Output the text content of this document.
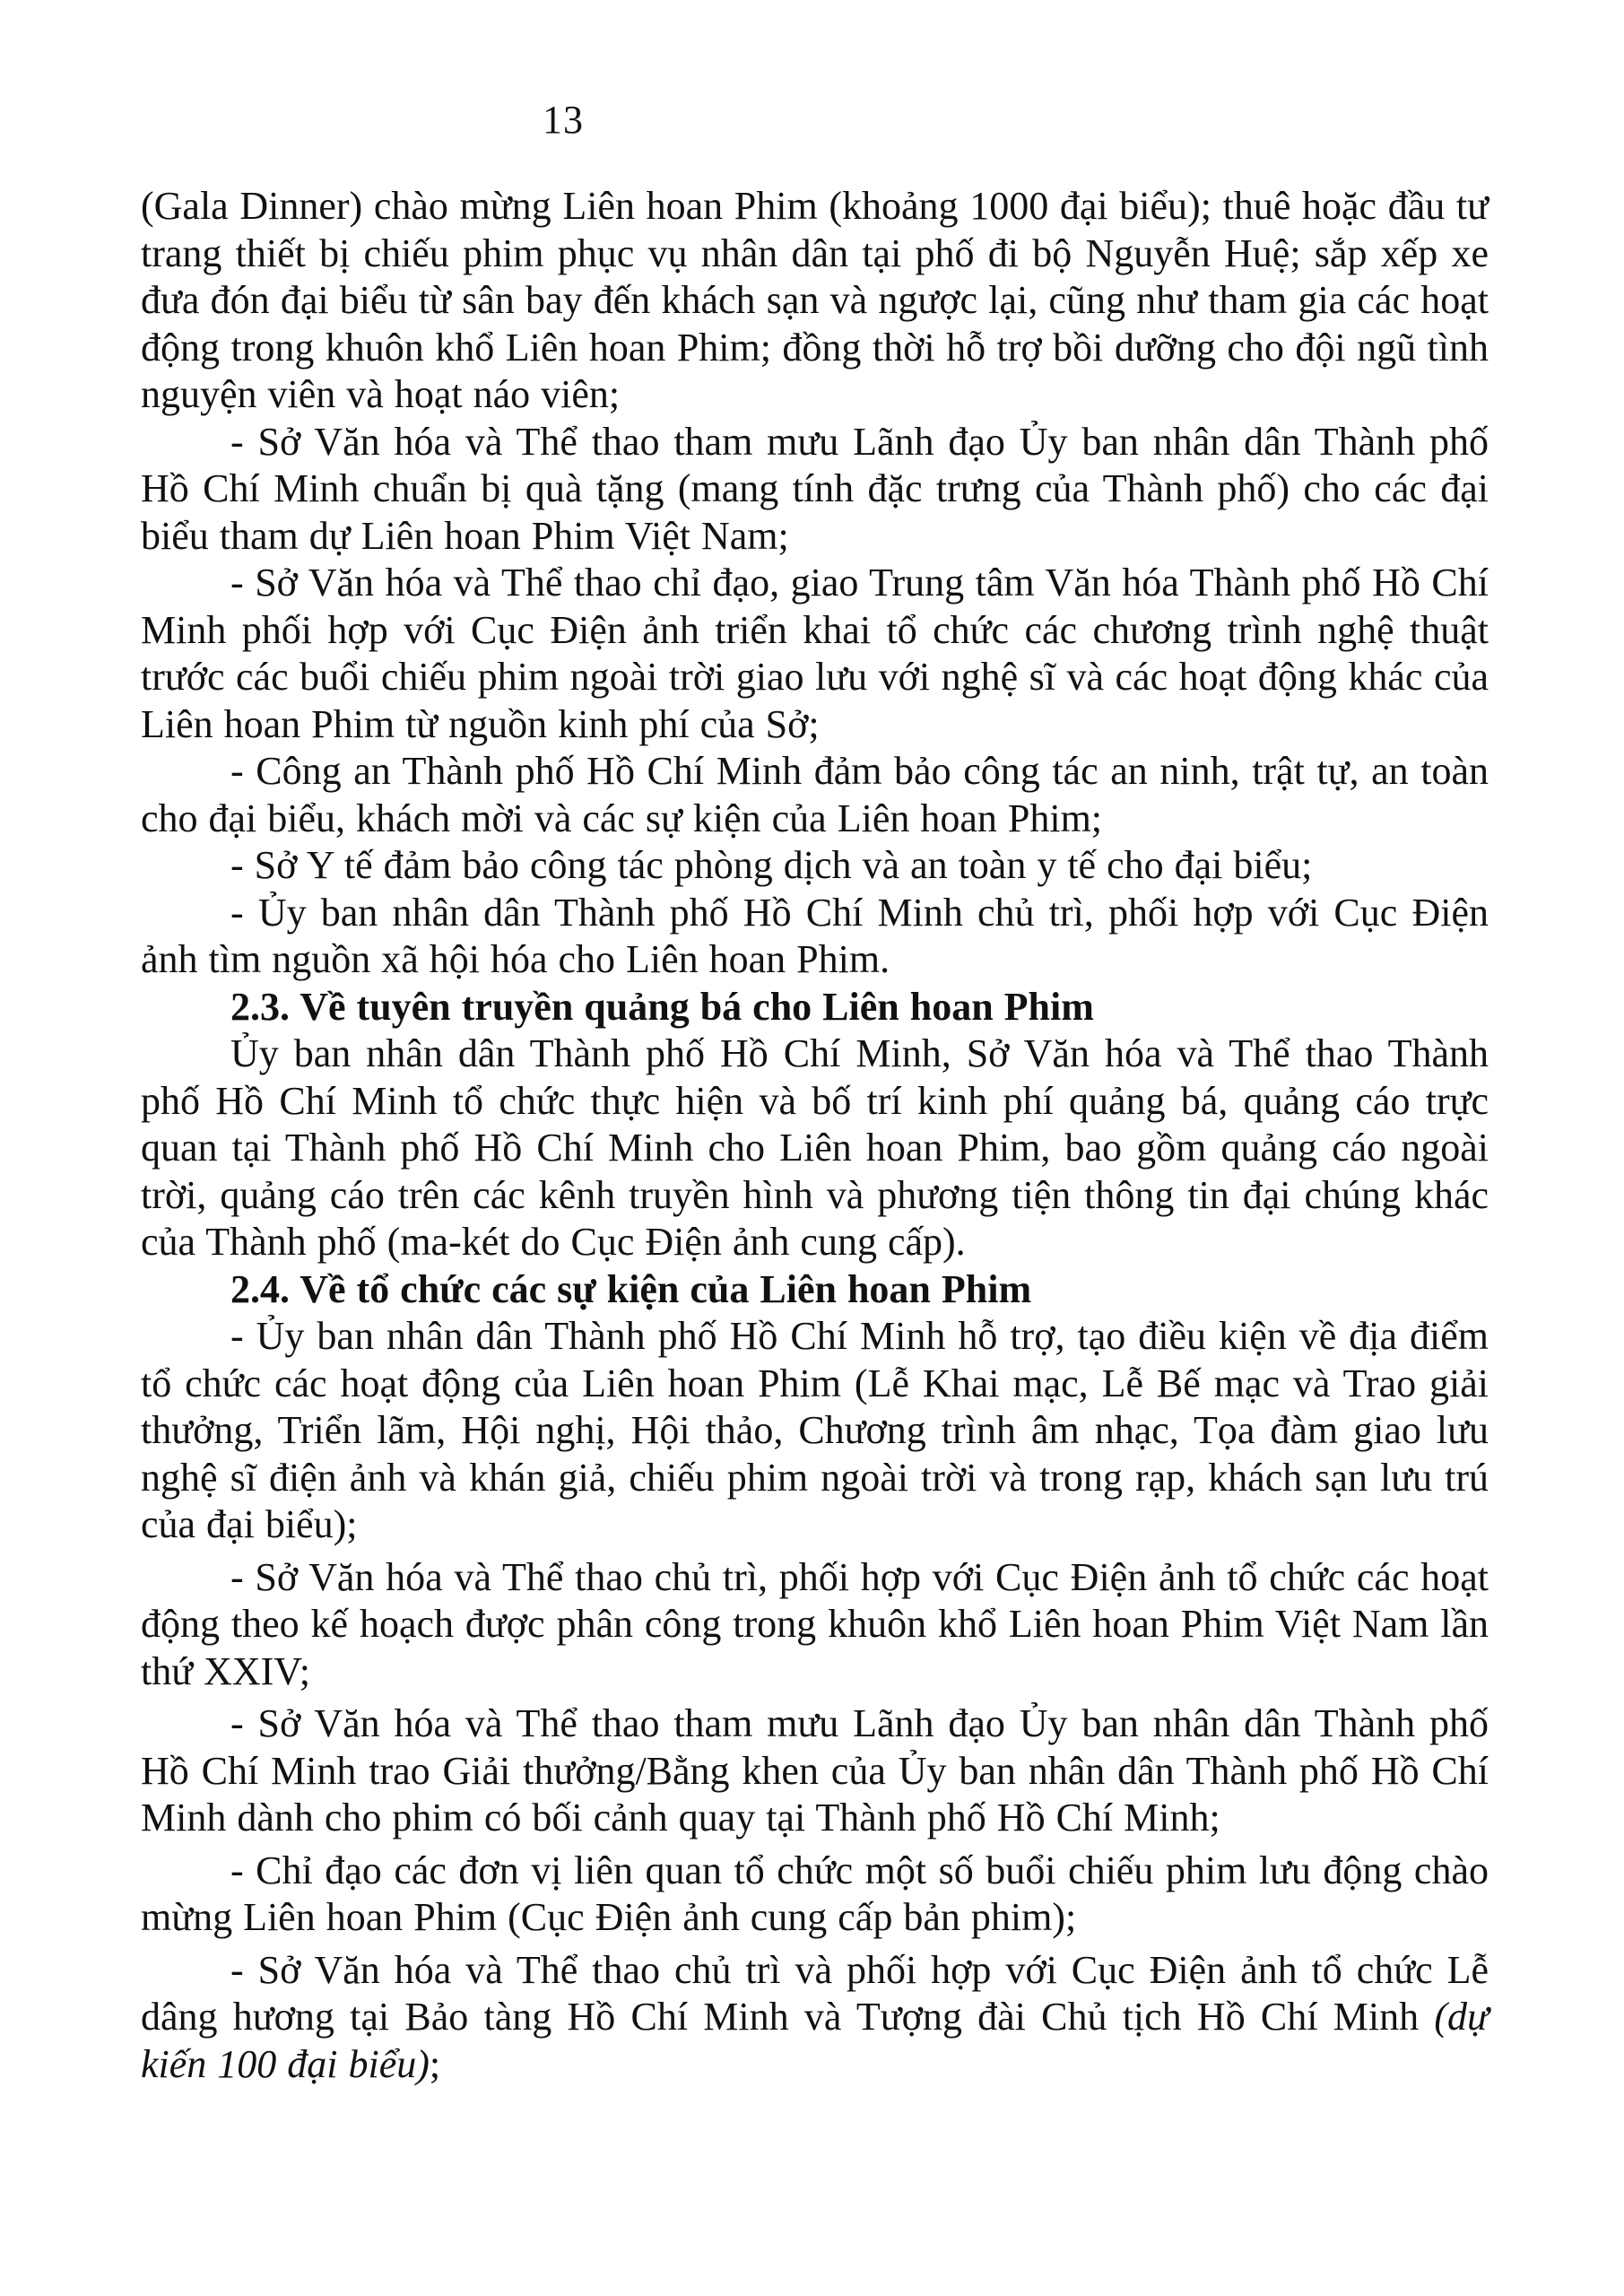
13

(Gala Dinner) chào mừng Liên hoan Phim (khoảng 1000 đại biểu); thuê hoặc đầu tư trang thiết bị chiếu phim phục vụ nhân dân tại phố đi bộ Nguyễn Huệ; sắp xếp xe đưa đón đại biểu từ sân bay đến khách sạn và ngược lại, cũng như tham gia các hoạt động trong khuôn khổ Liên hoan Phim; đồng thời hỗ trợ bồi dưỡng cho đội ngũ tình nguyện viên và hoạt náo viên;

- Sở Văn hóa và Thể thao tham mưu Lãnh đạo Ủy ban nhân dân Thành phố Hồ Chí Minh chuẩn bị quà tặng (mang tính đặc trưng của Thành phố) cho các đại biểu tham dự Liên hoan Phim Việt Nam;

- Sở Văn hóa và Thể thao chỉ đạo, giao Trung tâm Văn hóa Thành phố Hồ Chí Minh phối hợp với Cục Điện ảnh triển khai tổ chức các chương trình nghệ thuật trước các buổi chiếu phim ngoài trời giao lưu với nghệ sĩ và các hoạt động khác của Liên hoan Phim từ nguồn kinh phí của Sở;

- Công an Thành phố Hồ Chí Minh đảm bảo công tác an ninh, trật tự, an toàn cho đại biểu, khách mời và các sự kiện của Liên hoan Phim;

- Sở Y tế đảm bảo công tác phòng dịch và an toàn y tế cho đại biểu;

- Ủy ban nhân dân Thành phố Hồ Chí Minh chủ trì, phối hợp với Cục Điện ảnh tìm nguồn xã hội hóa cho Liên hoan Phim.

2.3. Về tuyên truyền quảng bá cho Liên hoan Phim

Ủy ban nhân dân Thành phố Hồ Chí Minh, Sở Văn hóa và Thể thao Thành phố Hồ Chí Minh tổ chức thực hiện và bố trí kinh phí quảng bá, quảng cáo trực quan tại Thành phố Hồ Chí Minh cho Liên hoan Phim, bao gồm quảng cáo ngoài trời, quảng cáo trên các kênh truyền hình và phương tiện thông tin đại chúng khác của Thành phố (ma-két do Cục Điện ảnh cung cấp).

2.4. Về tổ chức các sự kiện của Liên hoan Phim

- Ủy ban nhân dân Thành phố Hồ Chí Minh hỗ trợ, tạo điều kiện về địa điểm tổ chức các hoạt động của Liên hoan Phim (Lễ Khai mạc, Lễ Bế mạc và Trao giải thưởng, Triển lãm, Hội nghị, Hội thảo, Chương trình âm nhạc, Tọa đàm giao lưu nghệ sĩ điện ảnh và khán giả, chiếu phim ngoài trời và trong rạp, khách sạn lưu trú của đại biểu);

- Sở Văn hóa và Thể thao chủ trì, phối hợp với Cục Điện ảnh tổ chức các hoạt động theo kế hoạch được phân công trong khuôn khổ Liên hoan Phim Việt Nam lần thứ XXIV;

- Sở Văn hóa và Thể thao tham mưu Lãnh đạo Ủy ban nhân dân Thành phố Hồ Chí Minh trao Giải thưởng/Bằng khen của Ủy ban nhân dân Thành phố Hồ Chí Minh dành cho phim có bối cảnh quay tại Thành phố Hồ Chí Minh;

- Chỉ đạo các đơn vị liên quan tổ chức một số buổi chiếu phim lưu động chào mừng Liên hoan Phim (Cục Điện ảnh cung cấp bản phim);

- Sở Văn hóa và Thể thao chủ trì và phối hợp với Cục Điện ảnh tổ chức Lễ dâng hương tại Bảo tàng Hồ Chí Minh và Tượng đài Chủ tịch Hồ Chí Minh (dự kiến 100 đại biểu);
